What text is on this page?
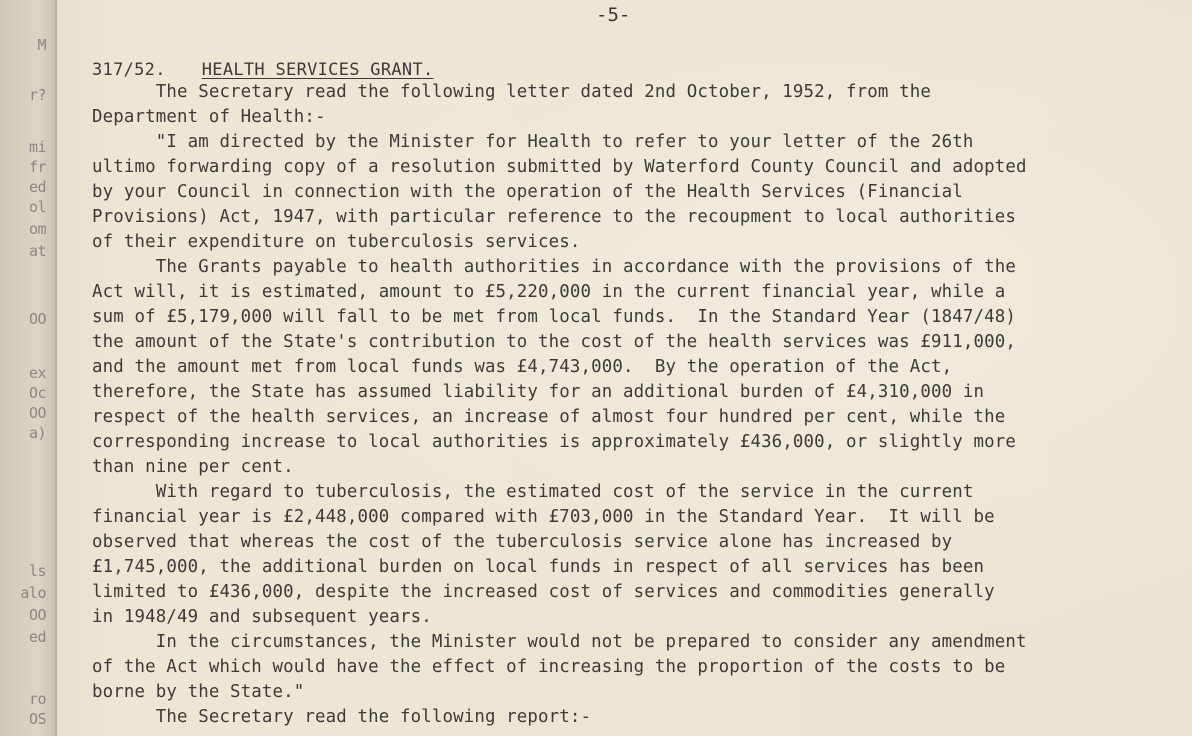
M
r?
mi
fr
ed
ol
om
at
OO
ex
Oc
OO
a)
ls
alo
OO
ed
ro
OS
-5-
317/52. HEALTH SERVICES GRANT.
The Secretary read the following letter dated 2nd October, 1952, from the
Department of Health:-
"I am directed by the Minister for Health to refer to your letter of the 26th
ultimo forwarding copy of a resolution submitted by Waterford County Council and adopted
by your Council in connection with the operation of the Health Services (Financial
Provisions) Act, 1947, with particular reference to the recoupment to local authorities
of their expenditure on tuberculosis services.
The Grants payable to health authorities in accordance with the provisions of the
Act will, it is estimated, amount to £5,220,000 in the current financial year, while a
sum of £5,179,000 will fall to be met from local funds.  In the Standard Year (1847/48)
the amount of the State's contribution to the cost of the health services was £911,000,
and the amount met from local funds was £4,743,000.  By the operation of the Act,
therefore, the State has assumed liability for an additional burden of £4,310,000 in
respect of the health services, an increase of almost four hundred per cent, while the
corresponding increase to local authorities is approximately £436,000, or slightly more
than nine per cent.
With regard to tuberculosis, the estimated cost of the service in the current
financial year is £2,448,000 compared with £703,000 in the Standard Year.  It will be
observed that whereas the cost of the tuberculosis service alone has increased by
£1,745,000, the additional burden on local funds in respect of all services has been
limited to £436,000, despite the increased cost of services and commodities generally
in 1948/49 and subsequent years.
In the circumstances, the Minister would not be prepared to consider any amendment
of the Act which would have the effect of increasing the proportion of the costs to be
borne by the State."
The Secretary read the following report:-
